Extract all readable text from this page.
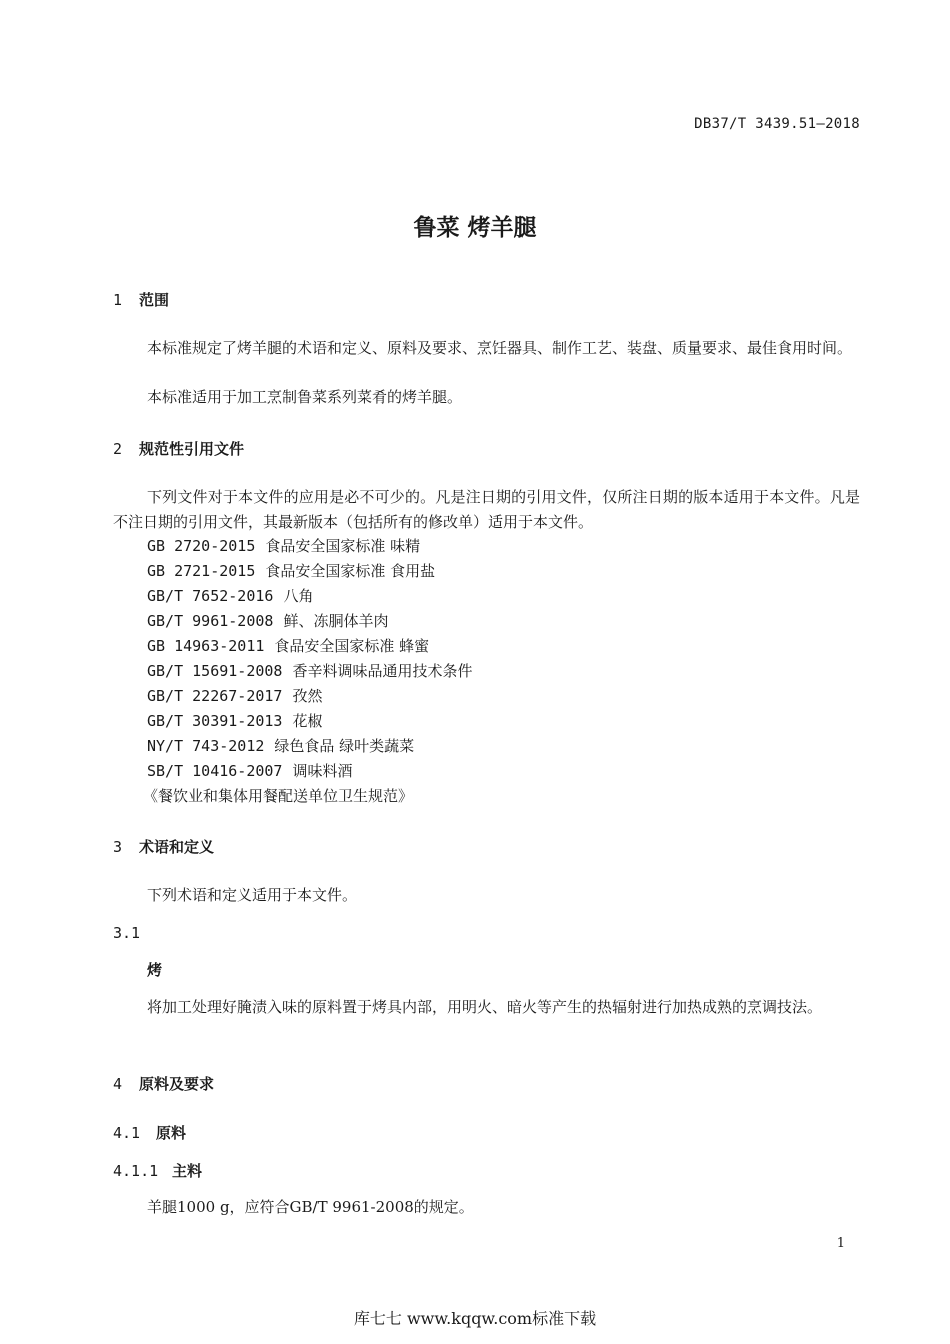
DB37/T 3439.51—2018
鲁菜 烤羊腿
1 范围
本标准规定了烤羊腿的术语和定义、原料及要求、烹饪器具、制作工艺、装盘、质量要求、最佳食用时间。
本标准适用于加工烹制鲁菜系列菜肴的烤羊腿。
2 规范性引用文件
下列文件对于本文件的应用是必不可少的。凡是注日期的引用文件，仅所注日期的版本适用于本文件。凡是不注日期的引用文件，其最新版本（包括所有的修改单）适用于本文件。
GB 2720-2015 食品安全国家标准 味精
GB 2721-2015 食品安全国家标准 食用盐
GB/T 7652-2016 八角
GB/T 9961-2008 鲜、冻胴体羊肉
GB 14963-2011 食品安全国家标准 蜂蜜
GB/T 15691-2008 香辛料调味品通用技术条件
GB/T 22267-2017 孜然
GB/T 30391-2013 花椒
NY/T 743-2012 绿色食品 绿叶类蔬菜
SB/T 10416-2007 调味料酒
《餐饮业和集体用餐配送单位卫生规范》
3 术语和定义
下列术语和定义适用于本文件。
3.1
烤
将加工处理好腌渍入味的原料置于烤具内部，用明火、暗火等产生的热辐射进行加热成熟的烹调技法。
4 原料及要求
4.1 原料
4.1.1 主料
羊腿1000 g，应符合GB/T 9961-2008的规定。
1
库七七 www.kqqw.com标准下载
